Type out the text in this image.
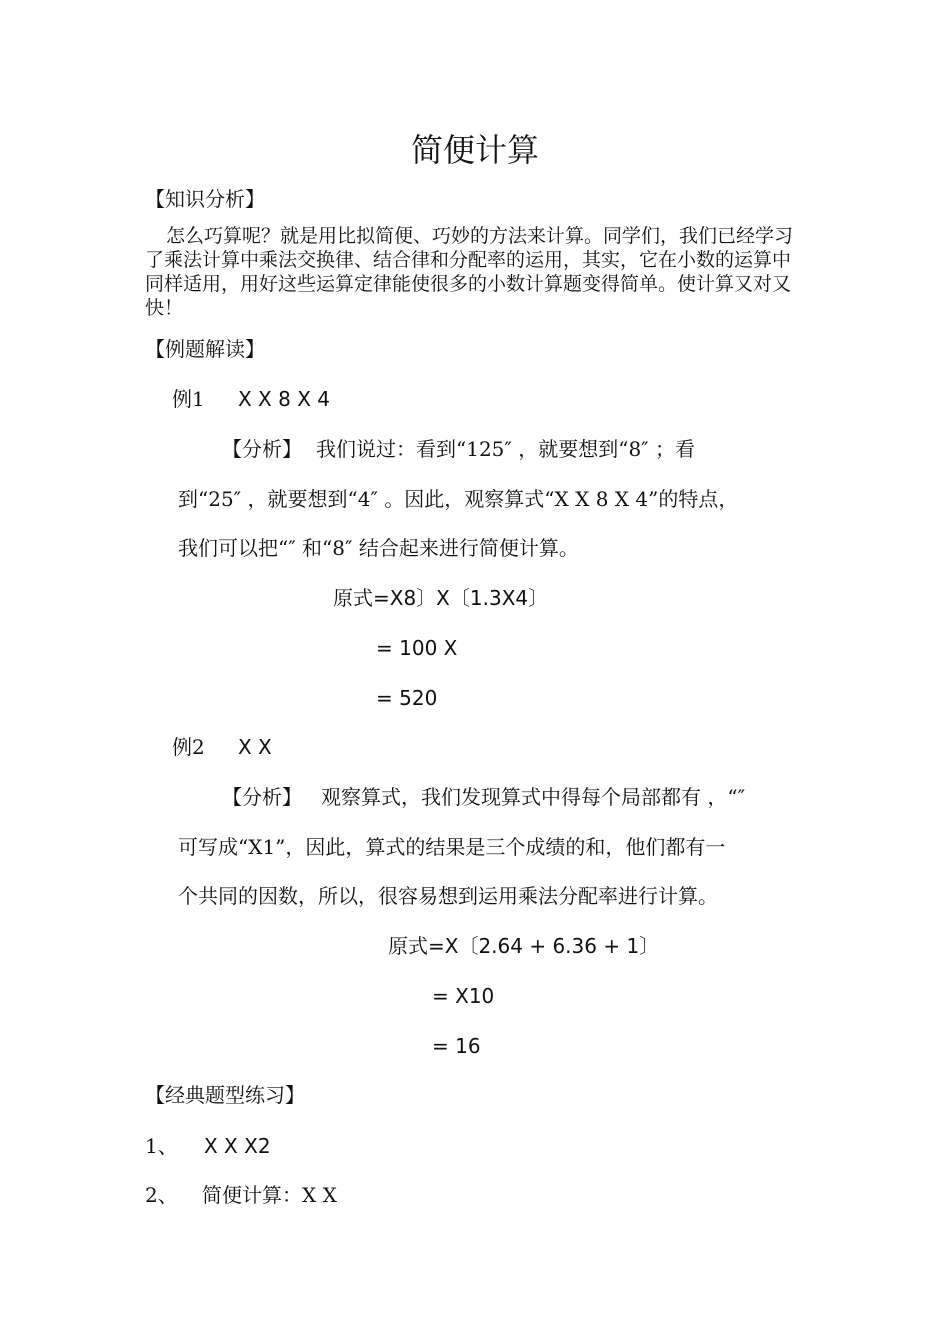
简便计算
【知识分析】
怎么巧算呢？就是用比拟简便、巧妙的方法来计算。同学们，我们已经学习了乘法计算中乘法交换律、结合律和分配率的运用，其实，它在小数的运算中同样适用，用好这些运算定律能使很多的小数计算题变得简单。使计算又对又快！
【例题解读】
例1 X X 8 X 4
【分析】 我们说过：看到“125″ ，就要想到“8″ ；看
到“25″ ，就要想到“4″ 。因此，观察算式“X X 8 X 4”的特点，
我们可以把“″ 和“8″ 结合起来进行简便计算。
原式=X8〕X〔1.3X4〕
= 100 X
= 520
例2 X X
【分析】 观察算式，我们发现算式中得每个局部都有 ，“″
可写成“X1”，因此，算式的结果是三个成绩的和，他们都有一
个共同的因数，所以，很容易想到运用乘法分配率进行计算。
原式=X〔2.64 + 6.36 + 1〕
= X10
= 16
【经典题型练习】
1、 X X X2
2、 简便计算：X X
